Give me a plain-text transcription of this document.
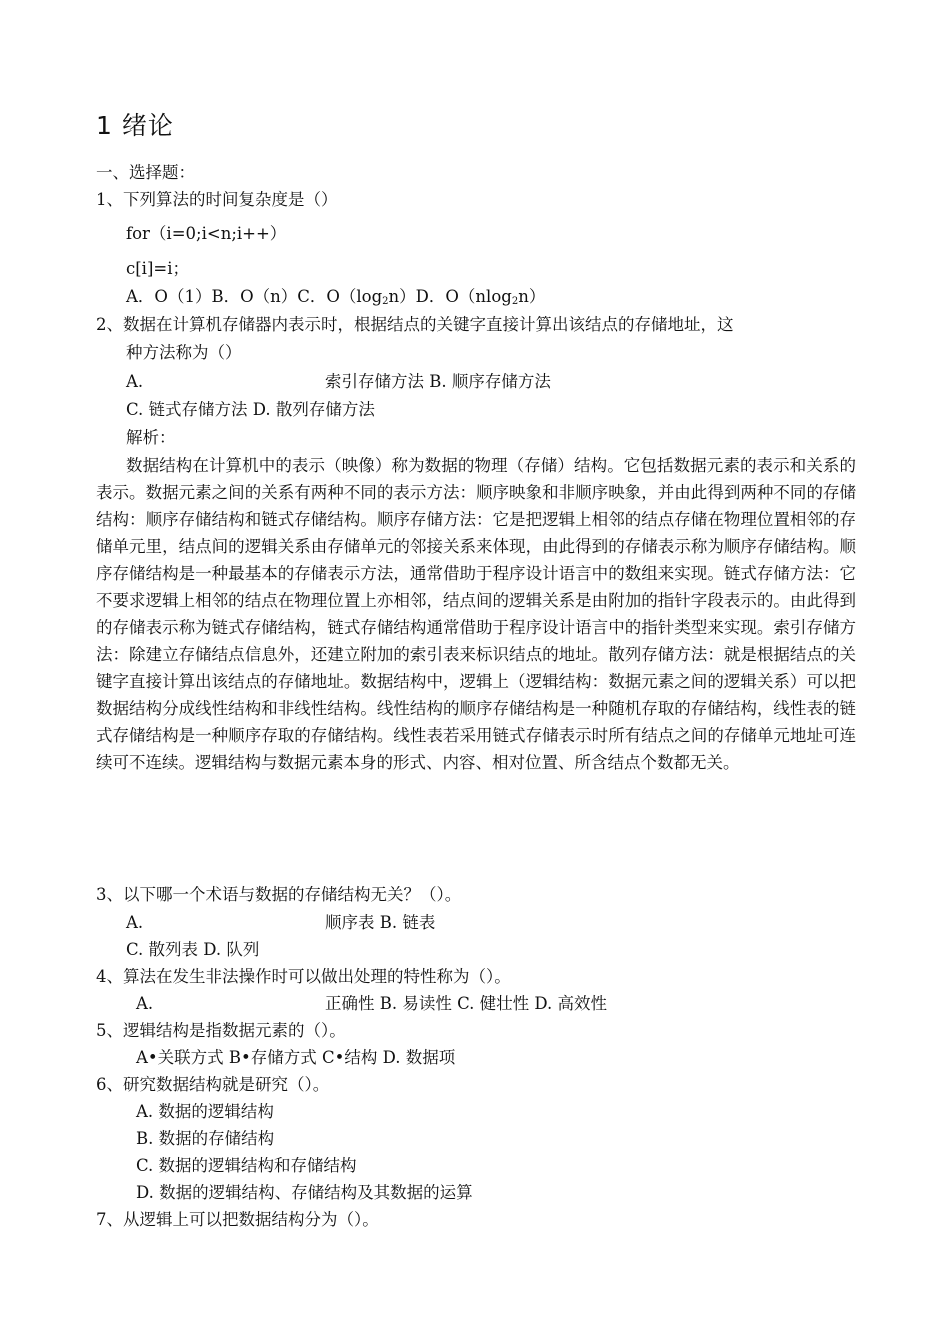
1 绪论
一、选择题：
1、下列算法的时间复杂度是（）
for（i=0;i<n;i++）
c[i]=i；
A．O（1）B．O（n）C．$O(\log_2n)D$．O（nlog$_2$n）
2、数据在计算机存储器内表示时，根据结点的关键字直接计算出该结点的存储地址，这
种方法称为（）
A.	索引存储方法 B. 顺序存储方法
C. 链式存储方法 D. 散列存储方法
解析：

数据结构在计算机中的表示（映像）称为数据的物理（存储）结构。它包括数据元素的表示和关系的表示。数据元素之间的关系有两种不同的表示方法：顺序映象和非顺序映象，并由此得到两种不同的存储结构：顺序存储结构和链式存储结构。顺序存储方法：它是把逻辑上相邻的结点存储在物理位置相邻的存储单元里，结点间的逻辑关系由存储单元的邻接关系来体现，由此得到的存储表示称为顺序存储结构。顺序存储结构是一种最基本的存储表示方法，通常借助于程序设计语言中的数组来实现。链式存储方法：它不要求逻辑上相邻的结点在物理位置上亦相邻，结点间的逻辑关系是由附加的指针字段表示的。由此得到的存储表示称为链式存储结构，链式存储结构通常借助于程序设计语言中的指针类型来实现。索引存储方法：除建立存储结点信息外，还建立附加的索引表来标识结点的地址。散列存储方法：就是根据结点的关键字直接计算出该结点的存储地址。数据结构中，逻辑上（逻辑结构：数据元素之间的逻辑关系）可以把数据结构分成线性结构和非线性结构。线性结构的顺序存储结构是一种随机存取的存储结构，线性表的链式存储结构是一种顺序存取的存储结构。线性表若采用链式存储表示时所有结点之间的存储单元地址可连续可不连续。逻辑结构与数据元素本身的形式、内容、相对位置、所含结点个数都无关。

3、以下哪一个术语与数据的存储结构无关？（）。
A.	顺序表 B. 链表
C. 散列表 D. 队列
4、算法在发生非法操作时可以做出处理的特性称为（）。
A.	正确性 B. 易读性 C. 健壮性 D. 高效性
5、逻辑结构是指数据元素的（）。
A•关联方式 B•存储方式 C•结构 D. 数据项
6、研究数据结构就是研究（）。
A. 数据的逻辑结构
B. 数据的存储结构
C. 数据的逻辑结构和存储结构
D. 数据的逻辑结构、存储结构及其数据的运算
7、从逻辑上可以把数据结构分为（）。
